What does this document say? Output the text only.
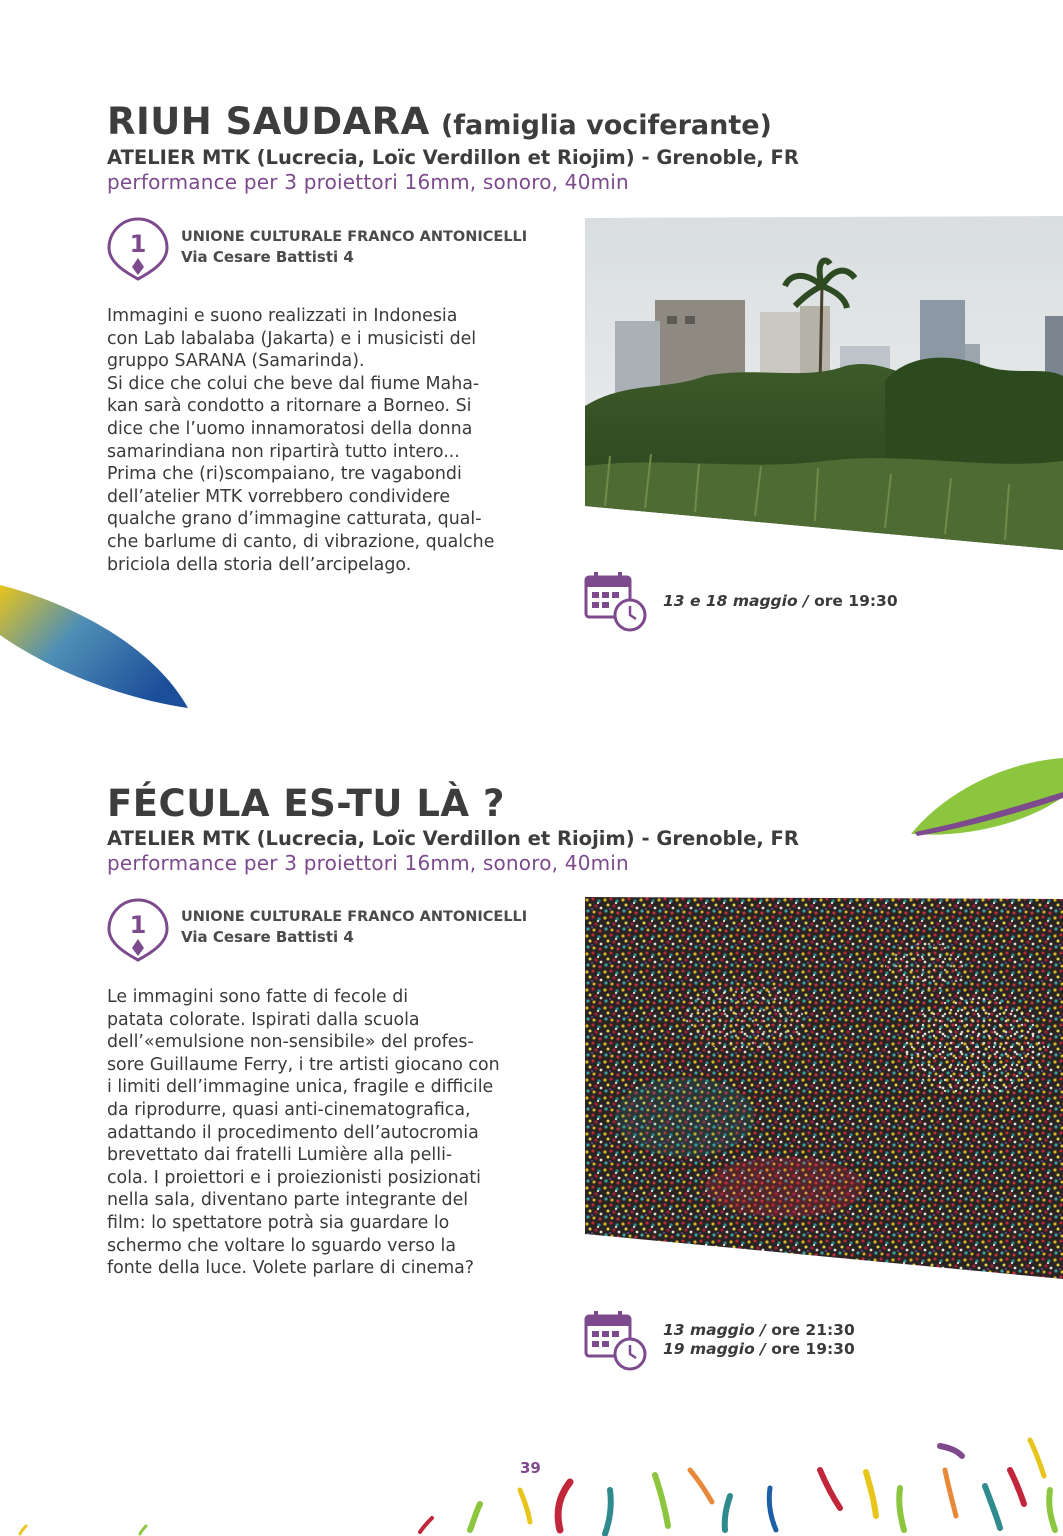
RIUH SAUDARA (famiglia vociferante)
ATELIER MTK (Lucrecia, Loïc Verdillon et Riojim) - Grenoble, FR
performance per 3 proiettori 16mm, sonoro, 40min
1 UNIONE CULTURALE FRANCO ANTONICELLI
Via Cesare Battisti 4

Immagini e suono realizzati in Indonesia
con Lab labalaba (Jakarta) e i musicisti del
gruppo SARANA (Samarinda).
Si dice che colui che beve dal fiume Maha-
kan sarà condotto a ritornare a Borneo. Si
dice che l’uomo innamoratosi della donna
samarindiana non ripartirà tutto intero...
Prima che (ri)scompaiano, tre vagabondi
dell’atelier MTK vorrebbero condividere
qualche grano d’immagine catturata, qual-
che barlume di canto, di vibrazione, qualche
briciola della storia dell’arcipelago.

13 e 18 maggio / ore 19:30
FÉCULA ES-TU LÀ ?
ATELIER MTK (Lucrecia, Loïc Verdillon et Riojim) - Grenoble, FR
performance per 3 proiettori 16mm, sonoro, 40min
1 UNIONE CULTURALE FRANCO ANTONICELLI
Via Cesare Battisti 4

Le immagini sono fatte di fecole di
patata colorate. Ispirati dalla scuola
dell’«emulsione non-sensibile» del profes-
sore Guillaume Ferry, i tre artisti giocano con
i limiti dell’immagine unica, fragile e difficile
da riprodurre, quasi anti-cinematografica,
adattando il procedimento dell’autocromia
brevettato dai fratelli Lumière alla pelli-
cola. I proiettori e i proiezionisti posizionati
nella sala, diventano parte integrante del
film: lo spettatore potrà sia guardare lo
schermo che voltare lo sguardo verso la
fonte della luce. Volete parlare di cinema?

13 maggio / ore 21:30
19 maggio / ore 19:30
39
